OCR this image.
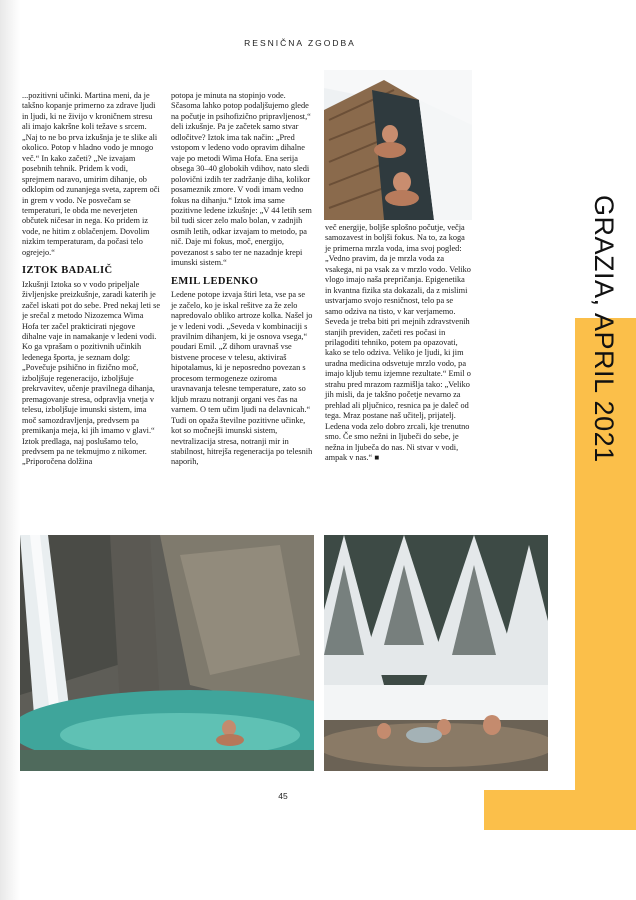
RESNIČNA ZGODBA
GRAZIA, APRIL 2021

...pozitivni učinki. Martina meni, da je takšno kopanje primerno za zdrave ljudi in ljudi, ki ne živijo v kroničnem stresu ali imajo kakršne koli težave s srcem. „Naj to ne bo prva izkušnja je te slike ali okolico. Potop v hladno vodo je mnogo več.“ In kako začeti? „Ne izvajam posebnih tehnik. Pridem k vodi, sprejmem naravo, umirim dihanje, ob odklopim od zunanjega sveta, zaprem oči in grem v vodo. Ne posvečam se temperaturi, le obda me neverjeten občutek ničesar in nega. Ko pridem iz vode, ne hitim z oblačenjem. Dovolim nizkim temperaturam, da počasi telo ogrejejo.“

IZTOK BADALIČ

Izkušnji Iztoka so v vodo pripeljale življenjske preizkušnje, zaradi katerih je začel iskati pot do sebe. Pred nekaj leti se je srečal z metodo Nizozemca Wima Hofa ter začel prakticirati njegove dihalne vaje in namakanje v ledeni vodi. Ko ga vprašam o pozitivnih učinkih ledenega športa, je seznam dolg: „Povečuje psihično in fizično moč, izboljšuje regeneracijo, izboljšuje prekrvavitev, učenje pravilnega dihanja, premagovanje stresa, odpravlja vnetja v telesu, izboljšuje imunski sistem, ima moč samozdravljenja, predvsem pa premikanja meja, ki jih imamo v glavi.“ Iztok predlaga, naj poslušamo telo, predvsem pa ne tekmujmo z nikomer. „Priporočena dolžina

potopa je minuta na stopinjo vode. Sčasoma lahko potop podaljšujemo glede na počutje in psihofizično pripravljenost,“ deli izkušnje. Pa je začetek samo stvar odločitve? Iztok ima tak način: „Pred vstopom v ledeno vodo opravim dihalne vaje po metodi Wima Hofa. Ena serija obsega 30–40 globokih vdihov, nato sledi polovični izdih ter zadržanje diha, kolikor posameznik zmore. V vodi imam vedno fokus na dihanju.“ Iztok ima same pozitivne ledene izkušnje: „V 44 letih sem bil tudi sicer zelo malo bolan, v zadnjih osmih letih, odkar izvajam to metodo, pa nič. Daje mi fokus, moč, energijo, povezanost s sabo ter ne nazadnje krepi imunski sistem.“

EMIL LEDENKO

Ledene potope izvaja štiri leta, vse pa se je začelo, ko je iskal rešitve za že zelo napredovalo obliko artroze kolka. Našel jo je v ledeni vodi. „Seveda v kombinaciji s pravilnim dihanjem, ki je osnova vsega,“ poudari Emil. „Z dihom uravnaš vse bistvene procese v telesu, aktiviraš hipotalamus, ki je neposredno povezan s procesom termogeneze oziroma uravnavanja telesne temperature, zato so kljub mrazu notranji organi ves čas na varnem. O tem učim ljudi na delavnicah.“ Tudi on opaža številne pozitivne učinke, kot so močnejši imunski sistem, nevtralizacija stresa, notranji mir in stabilnost, hitrejša regeneracija po telesnih naporih,

več energije, boljše splošno počutje, večja samozavest in boljši fokus. Na to, za koga je primerna mrzla voda, ima svoj pogled: „Vedno pravim, da je mrzla voda za vsakega, ni pa vsak za v mrzlo vodo. Veliko vlogo imajo naša prepričanja. Epigenetika in kvantna fizika sta dokazali, da z mislimi ustvarjamo svojo resničnost, telo pa se samo odziva na tisto, v kar verjamemo. Seveda je treba biti pri mejnih zdravstvenih stanjih previden, začeti res počasi in prilagoditi tehniko, potem pa opazovati, kako se telo odziva. Veliko je ljudi, ki jim uradna medicina odsvetuje mrzlo vodo, pa imajo kljub temu izjemne rezultate.“ Emil o strahu pred mrazom razmišlja tako: „Veliko jih misli, da je takšno početje nevarno za prehlad ali pljučnico, resnica pa je daleč od tega. Mraz postane naš učitelj, prijatelj. Ledena voda zelo dobro zrcali, kje trenutno smo. Če smo nežni in ljubeči do sebe, je nežna in ljubeča do nas. Ni stvar v vodi, ampak v nas.“ ■

45
